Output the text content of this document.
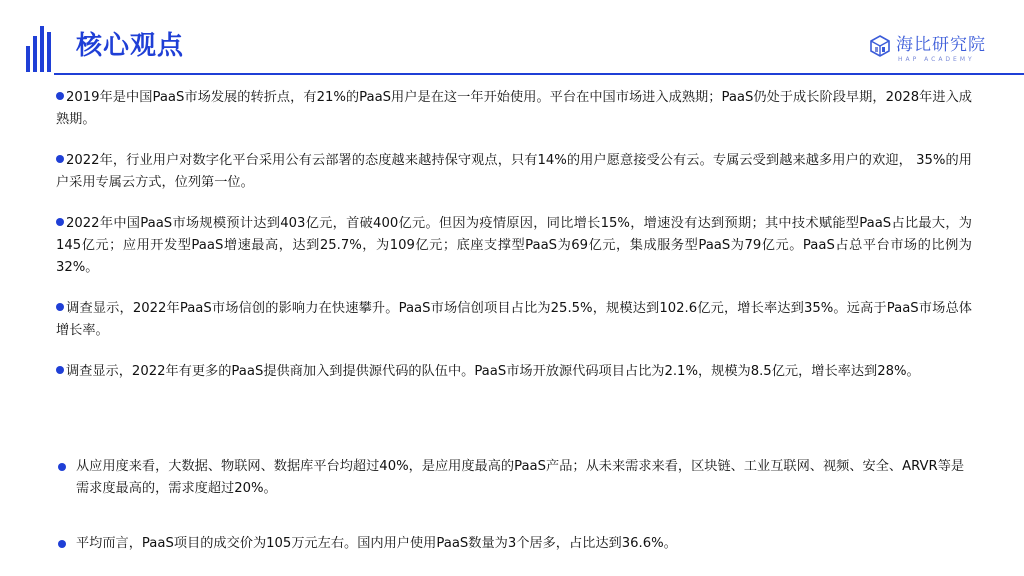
核心观点	海比研究院
HAP ACADEMY

2019年是中国PaaS市场发展的转折点，有21%的PaaS用户是在这一年开始使用。平台在中国市场进入成熟期；PaaS仍处于成长阶段早期，2028年进入成熟期。

2022年，行业用户对数字化平台采用公有云部署的态度越来越持保守观点，只有14%的用户愿意接受公有云。专属云受到越来越多用户的欢迎， 35%的用户采用专属云方式，位列第一位。

2022年中国PaaS市场规模预计达到403亿元，首破400亿元。但因为疫情原因，同比增长15%，增速没有达到预期；其中技术赋能型PaaS占比最大，为145亿元；应用开发型PaaS增速最高，达到25.7%，为109亿元；底座支撑型PaaS为69亿元，集成服务型PaaS为79亿元。PaaS占总平台市场的比例为32%。

调查显示，2022年PaaS市场信创的影响力在快速攀升。PaaS市场信创项目占比为25.5%，规模达到102.6亿元，增长率达到35%。远高于PaaS市场总体增长率。

调查显示，2022年有更多的PaaS提供商加入到提供源代码的队伍中。PaaS市场开放源代码项目占比为2.1%，规模为8.5亿元，增长率达到28%。

从应用度来看，大数据、物联网、数据库平台均超过40%，是应用度最高的PaaS产品；从未来需求来看，区块链、工业互联网、视频、安全、ARVR等是需求度最高的，需求度超过20%。
平均而言，PaaS项目的成交价为105万元左右。国内用户使用PaaS数量为3个居多，占比达到36.6%。
